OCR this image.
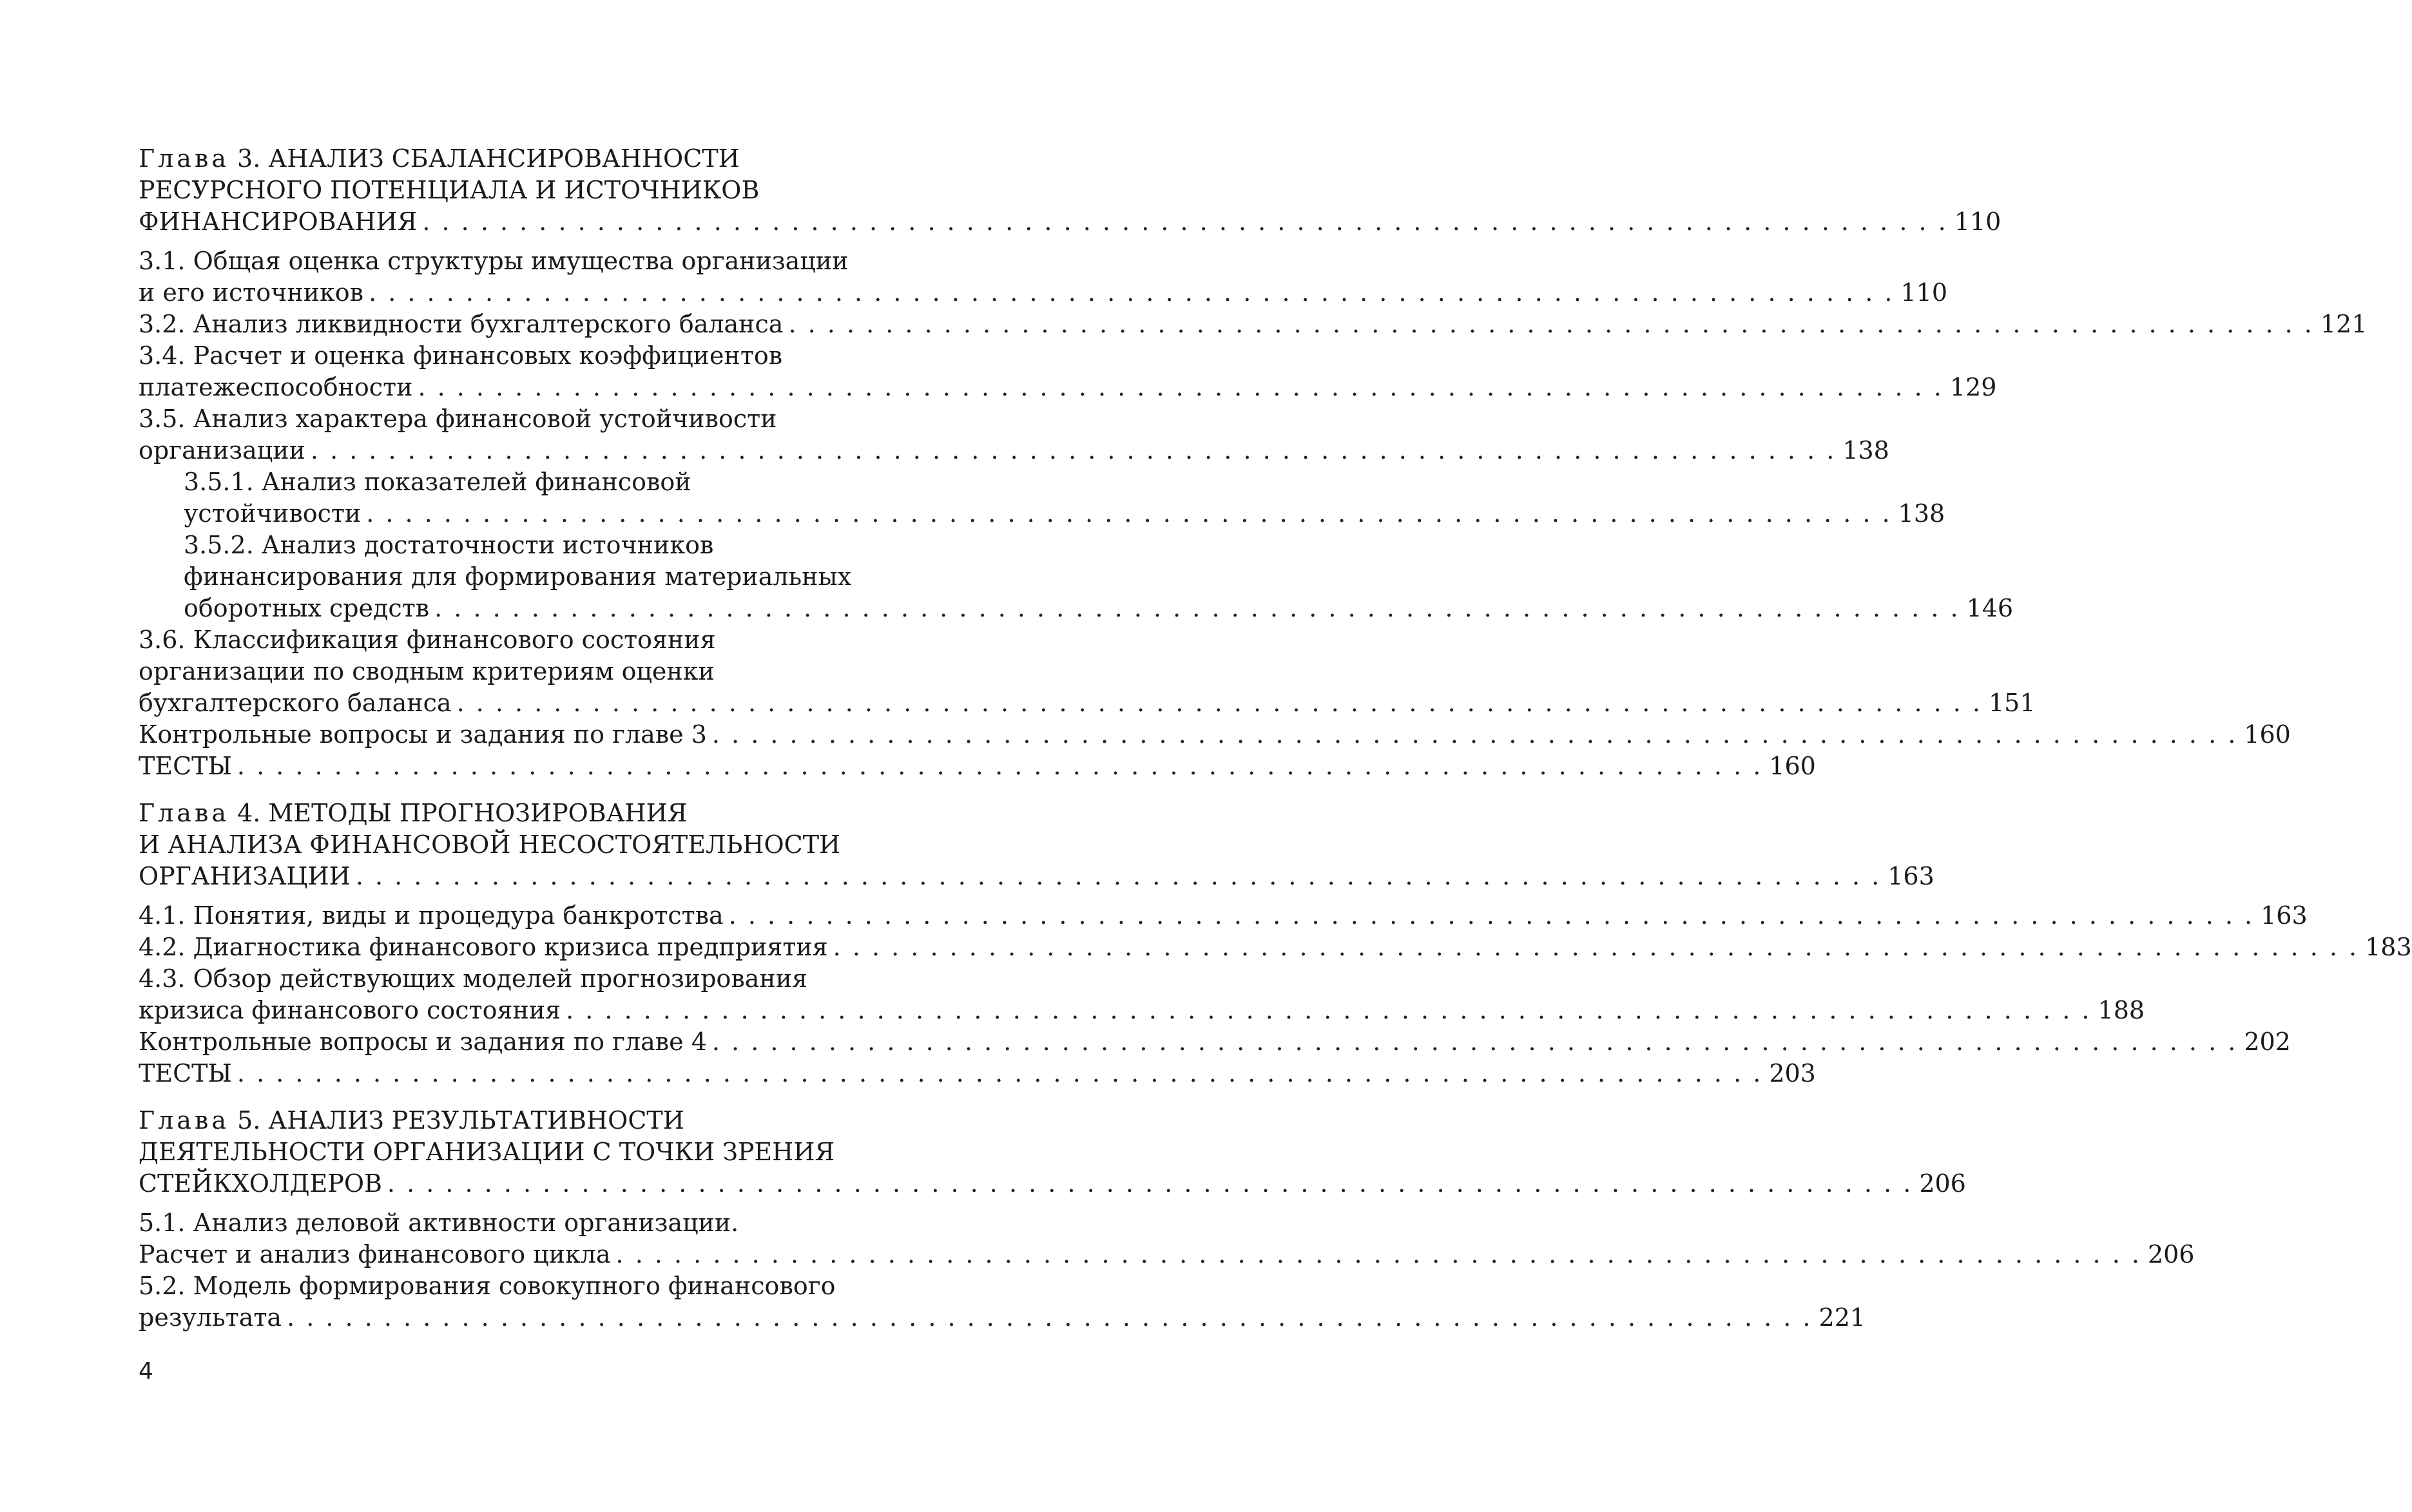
Глава 3. АНАЛИЗ СБАЛАНСИРОВАННОСТИ
РЕСУРСНОГО ПОТЕНЦИАЛА И ИСТОЧНИКОВ
ФИНАНСИРОВАНИЯ . . . . . . . . . . . . . . . . . . . . . . . . . . . . . . . . . . . . . . . . . . . . . . . . . . . . . . . . . . . . . . . . . . . . . . . . . . . . . . . 110
3.1. Общая оценка структуры имущества организации
и его источников . . . . . . . . . . . . . . . . . . . . . . . . . . . . . . . . . . . . . . . . . . . . . . . . . . . . . . . . . . . . . . . . . . . . . . . . . . . . . . . 110
3.2. Анализ ликвидности бухгалтерского баланса . . . . . . . . . . . . . . . . . . . . . . . . . . . . . . . . . . . . . . . . . . . . . . . . . . . . . . . . . . . . . . . . . . . . . . . . . . . . . . . 121
3.4. Расчет и оценка финансовых коэффициентов
платежеспособности . . . . . . . . . . . . . . . . . . . . . . . . . . . . . . . . . . . . . . . . . . . . . . . . . . . . . . . . . . . . . . . . . . . . . . . . . . . . . . . 129
3.5. Анализ характера финансовой устойчивости
организации . . . . . . . . . . . . . . . . . . . . . . . . . . . . . . . . . . . . . . . . . . . . . . . . . . . . . . . . . . . . . . . . . . . . . . . . . . . . . . . 138
3.5.1. Анализ показателей финансовой
устойчивости . . . . . . . . . . . . . . . . . . . . . . . . . . . . . . . . . . . . . . . . . . . . . . . . . . . . . . . . . . . . . . . . . . . . . . . . . . . . . . . 138
3.5.2. Анализ достаточности источников
финансирования для формирования материальных
оборотных средств . . . . . . . . . . . . . . . . . . . . . . . . . . . . . . . . . . . . . . . . . . . . . . . . . . . . . . . . . . . . . . . . . . . . . . . . . . . . . . . 146
3.6. Классификация финансового состояния
организации по сводным критериям оценки
бухгалтерского баланса . . . . . . . . . . . . . . . . . . . . . . . . . . . . . . . . . . . . . . . . . . . . . . . . . . . . . . . . . . . . . . . . . . . . . . . . . . . . . . . 151
Контрольные вопросы и задания по главе 3 . . . . . . . . . . . . . . . . . . . . . . . . . . . . . . . . . . . . . . . . . . . . . . . . . . . . . . . . . . . . . . . . . . . . . . . . . . . . . . . 160
ТЕСТЫ . . . . . . . . . . . . . . . . . . . . . . . . . . . . . . . . . . . . . . . . . . . . . . . . . . . . . . . . . . . . . . . . . . . . . . . . . . . . . . . 160
Глава 4. МЕТОДЫ ПРОГНОЗИРОВАНИЯ
И АНАЛИЗА ФИНАНСОВОЙ НЕСОСТОЯТЕЛЬНОСТИ
ОРГАНИЗАЦИИ . . . . . . . . . . . . . . . . . . . . . . . . . . . . . . . . . . . . . . . . . . . . . . . . . . . . . . . . . . . . . . . . . . . . . . . . . . . . . . . 163
4.1. Понятия, виды и процедура банкротства . . . . . . . . . . . . . . . . . . . . . . . . . . . . . . . . . . . . . . . . . . . . . . . . . . . . . . . . . . . . . . . . . . . . . . . . . . . . . . . 163
4.2. Диагностика финансового кризиса предприятия . . . . . . . . . . . . . . . . . . . . . . . . . . . . . . . . . . . . . . . . . . . . . . . . . . . . . . . . . . . . . . . . . . . . . . . . . . . . . . . 183
4.3. Обзор действующих моделей прогнозирования
кризиса финансового состояния . . . . . . . . . . . . . . . . . . . . . . . . . . . . . . . . . . . . . . . . . . . . . . . . . . . . . . . . . . . . . . . . . . . . . . . . . . . . . . . 188
Контрольные вопросы и задания по главе 4 . . . . . . . . . . . . . . . . . . . . . . . . . . . . . . . . . . . . . . . . . . . . . . . . . . . . . . . . . . . . . . . . . . . . . . . . . . . . . . . 202
ТЕСТЫ . . . . . . . . . . . . . . . . . . . . . . . . . . . . . . . . . . . . . . . . . . . . . . . . . . . . . . . . . . . . . . . . . . . . . . . . . . . . . . . 203
Глава 5. АНАЛИЗ РЕЗУЛЬТАТИВНОСТИ
ДЕЯТЕЛЬНОСТИ ОРГАНИЗАЦИИ С ТОЧКИ ЗРЕНИЯ
СТЕЙКХОЛДЕРОВ . . . . . . . . . . . . . . . . . . . . . . . . . . . . . . . . . . . . . . . . . . . . . . . . . . . . . . . . . . . . . . . . . . . . . . . . . . . . . . . 206
5.1. Анализ деловой активности организации.
Расчет и анализ финансового цикла . . . . . . . . . . . . . . . . . . . . . . . . . . . . . . . . . . . . . . . . . . . . . . . . . . . . . . . . . . . . . . . . . . . . . . . . . . . . . . . 206
5.2. Модель формирования совокупного финансового
результата . . . . . . . . . . . . . . . . . . . . . . . . . . . . . . . . . . . . . . . . . . . . . . . . . . . . . . . . . . . . . . . . . . . . . . . . . . . . . . . 221
4
